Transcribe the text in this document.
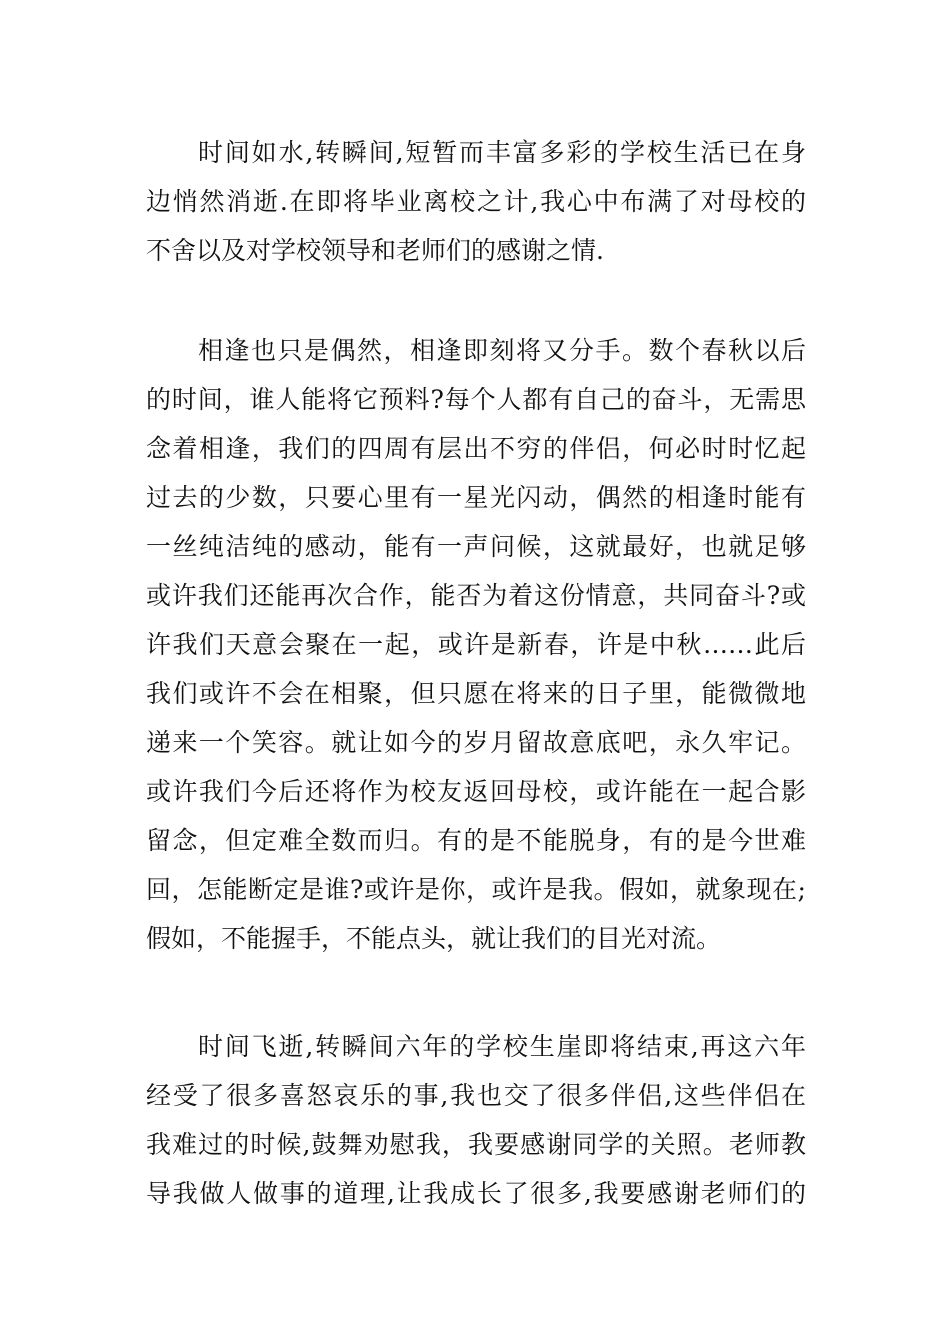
时间如水,转瞬间,短暂而丰富多彩的学校生活已在身
边悄然消逝.在即将毕业离校之计,我心中布满了对母校的
不舍以及对学校领导和老师们的感谢之情.
相逢也只是偶然，相逢即刻将又分手。数个春秋以后
的时间，谁人能将它预料?每个人都有自己的奋斗，无需思
念着相逢，我们的四周有层出不穷的伴侣，何必时时忆起
过去的少数，只要心里有一星光闪动，偶然的相逢时能有
一丝纯洁纯的感动，能有一声问候，这就最好，也就足够
或许我们还能再次合作，能否为着这份情意，共同奋斗?或
许我们天意会聚在一起，或许是新春，许是中秋……此后
我们或许不会在相聚，但只愿在将来的日子里，能微微地
递来一个笑容。就让如今的岁月留故意底吧，永久牢记。
或许我们今后还将作为校友返回母校，或许能在一起合影
留念，但定难全数而归。有的是不能脱身，有的是今世难
回，怎能断定是谁?或许是你，或许是我。假如，就象现在;
假如，不能握手，不能点头，就让我们的目光对流。
时间飞逝,转瞬间六年的学校生崖即将结束,再这六年
经受了很多喜怒哀乐的事,我也交了很多伴侣,这些伴侣在
我难过的时候,鼓舞劝慰我，我要感谢同学的关照。老师教
导我做人做事的道理,让我成长了很多,我要感谢老师们的
